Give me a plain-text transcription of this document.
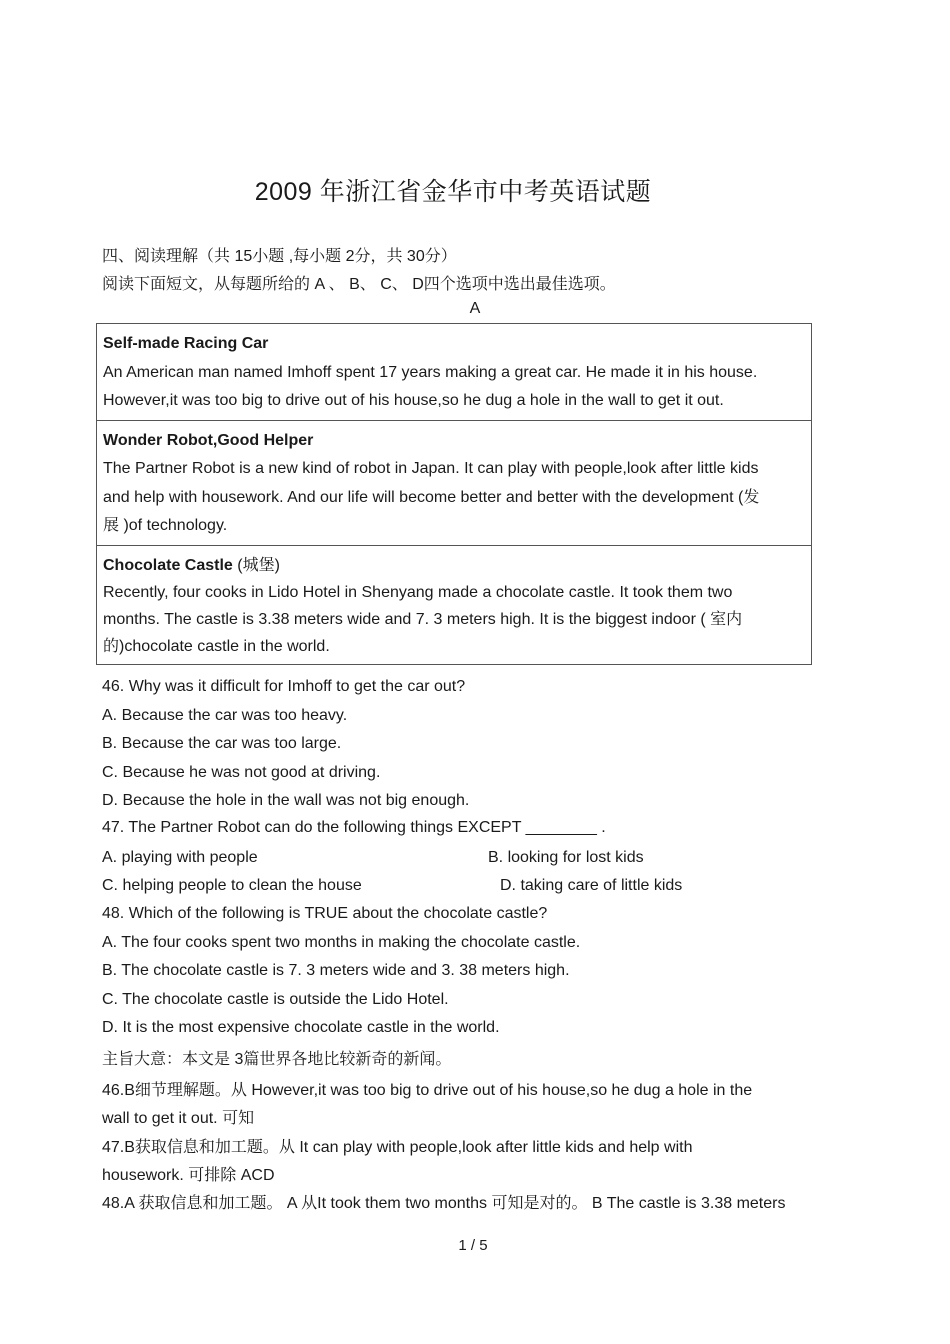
2009 年浙江省金华市中考英语试题
四、阅读理解（共 15小题 ,每小题 2分，共 30分）
阅读下面短文，从每题所给的 A 、 B、 C、 D四个选项中选出最佳选项。
A
Self-made Racing Car
An American man named Imhoff spent 17 years making a great car. He made it in his house. However,it was too big to drive out of his house,so he dug a hole in the wall to get it out.
Wonder Robot,Good Helper
The Partner Robot is a new kind of robot in Japan. It can play with people,look after little kids and help with housework. And our life will become better and better with the development (发展 )of technology.
Chocolate Castle (城堡)
Recently, four cooks in Lido Hotel in Shenyang made a chocolate castle. It took them two months. The castle is 3.38 meters wide and 7. 3 meters high. It is the biggest indoor ( 室内的)chocolate castle in the world.
46. Why was it difficult for Imhoff to get the car out?
A. Because the car was too heavy.
B. Because the car was too large.
C. Because he was not good at driving.
D. Because the hole in the wall was not big enough.
47. The Partner Robot can do the following things EXCEPT ________ .
A. playing with people	B. looking for lost kids
C. helping people to clean the house	D. taking care of little kids
48. Which of the following is TRUE about the chocolate castle?
A. The four cooks spent two months in making the chocolate castle.
B. The chocolate castle is 7. 3 meters wide and 3. 38 meters high.
C. The chocolate castle is outside the Lido Hotel.
D. It is the most expensive chocolate castle in the world.
主旨大意：本文是 3篇世界各地比较新奇的新闻。
46.B细节理解题。从 However,it was too big to drive out of his house,so he dug a hole in the
wall to get it out. 可知
47.B获取信息和加工题。从 It can play with people,look after little kids and help with
housework. 可排除 ACD
48.A 获取信息和加工题。 A 从It took them two months 可知是对的。 B The castle is 3.38 meters
1 / 5
